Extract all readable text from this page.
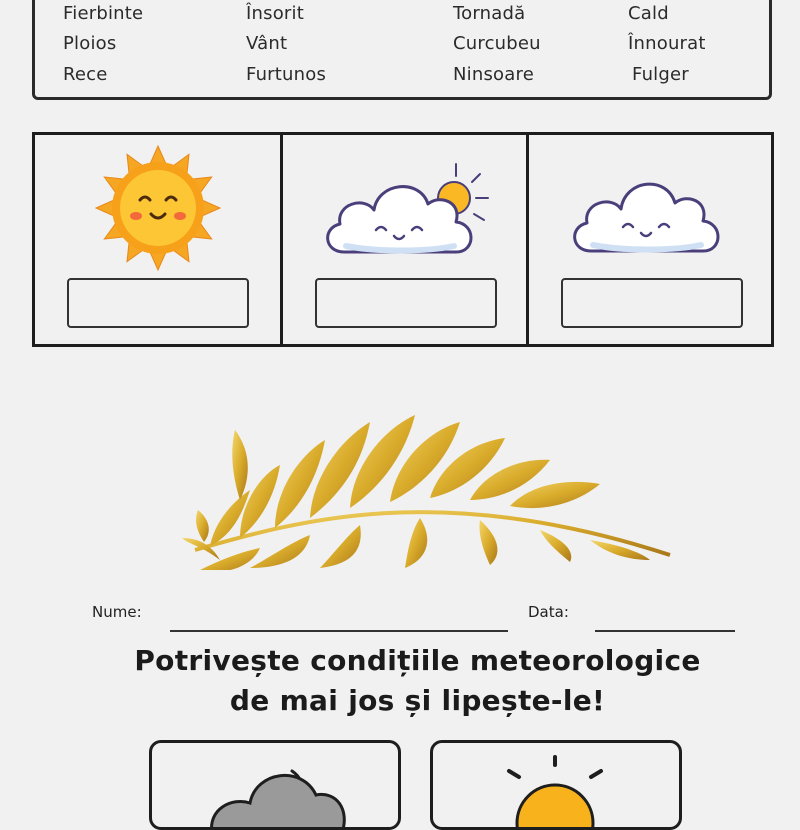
Fierbinte
Ploios
Rece
Însorit
Vânt
Furtunos
Tornadă
Curcubeu
Ninsoare
Cald
Înnourat
Fulger
Nume:	Data:
Potrivește condițiile meteorologice
de mai jos și lipește-le!
